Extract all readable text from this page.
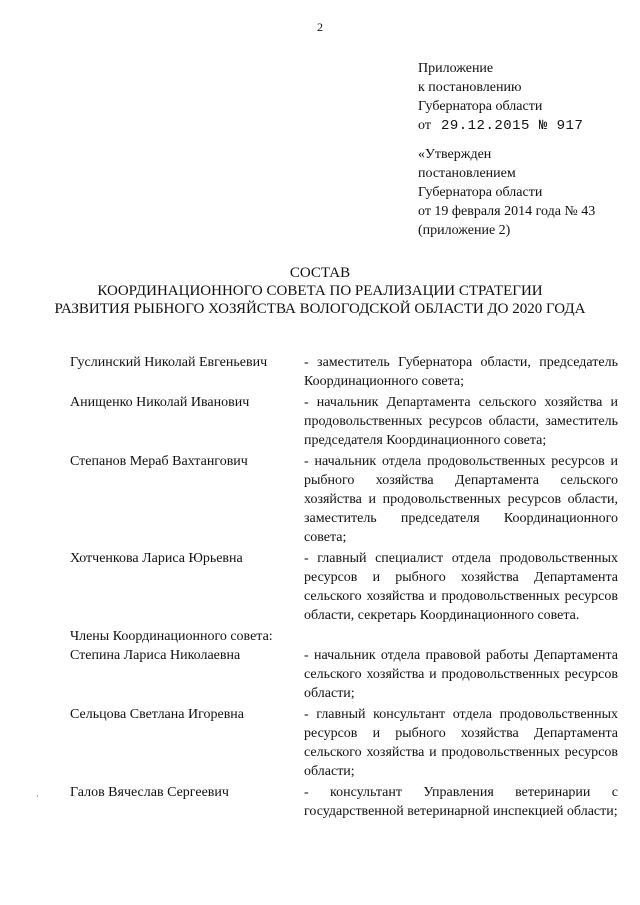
2
Приложение
к постановлению
Губернатора области
от 29.12.2015 № 917
«Утвержден
постановлением
Губернатора области
от 19 февраля 2014 года № 43
(приложение 2)
СОСТАВ
КООРДИНАЦИОННОГО СОВЕТА ПО РЕАЛИЗАЦИИ СТРАТЕГИИ
РАЗВИТИЯ РЫБНОГО ХОЗЯЙСТВА ВОЛОГОДСКОЙ ОБЛАСТИ ДО 2020 ГОДА
Гуслинский Николай Евгеньевич	- заместитель Губернатора области, председатель Координационного совета;
Анищенко Николай Иванович	- начальник Департамента сельского хозяйства и продовольственных ресурсов области, заместитель председателя Координационного совета;
Степанов Мераб Вахтангович	- начальник отдела продовольственных ресурсов и рыбного хозяйства Департамента сельского хозяйства и продовольственных ресурсов области, заместитель председателя Координационного совета;
Хотченкова Лариса Юрьевна	- главный специалист отдела продовольственных ресурсов и рыбного хозяйства Департамента сельского хозяйства и продовольственных ресурсов области, секретарь Координационного совета.
Члены Координационного совета:
Степина Лариса Николаевна	- начальник отдела правовой работы Департамента сельского хозяйства и продовольственных ресурсов области;
Сельцова Светлана Игоревна	- главный консультант отдела продовольственных ресурсов и рыбного хозяйства Департамента сельского хозяйства и продовольственных ресурсов области;
Галов Вячеслав Сергеевич	- консультант Управления ветеринарии с государственной ветеринарной инспекцией области;
·
